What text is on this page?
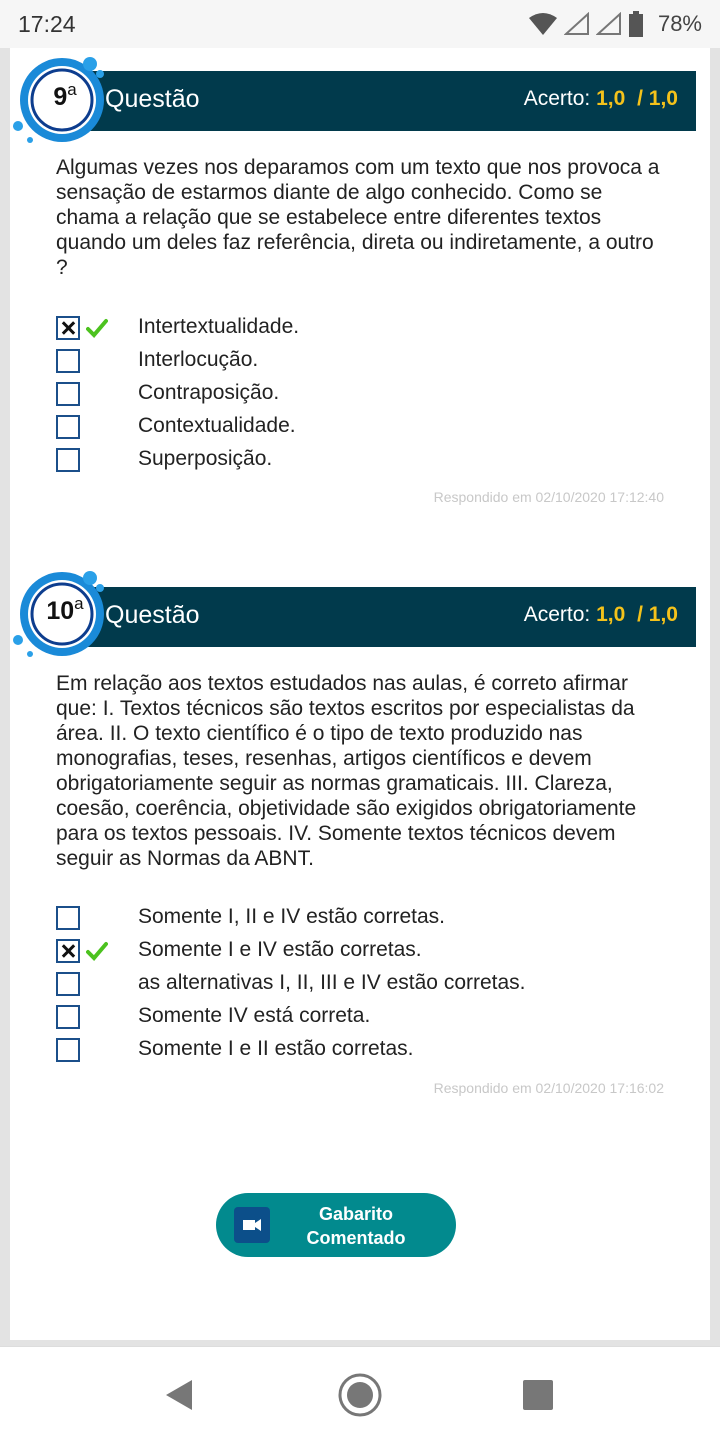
17:24	78%
Questão	Acerto: 1,0 / 1,0
9$^a$

Algumas vezes nos deparamos com um texto que nos provoca a sensação de estarmos diante de algo conhecido. Como se chama a relação que se estabelece entre diferentes textos quando um deles faz referência, direta ou indiretamente, a outro ?

Intertextualidade.
Interlocução.
Contraposição.
Contextualidade.
Superposição.
Respondido em 02/10/2020 17:12:40
Questão	Acerto: 1,0 / 1,0
10$^a$

Em relação aos textos estudados nas aulas, é correto afirmar que: I. Textos técnicos são textos escritos por especialistas da área. II. O texto científico é o tipo de texto produzido nas monografias, teses, resenhas, artigos científicos e devem obrigatoriamente seguir as normas gramaticais. III. Clareza, coesão, coerência, objetividade são exigidos obrigatoriamente para os textos pessoais. IV. Somente textos técnicos devem seguir as Normas da ABNT.

Somente I, II e IV estão corretas.
Somente I e IV estão corretas.
as alternativas I, II, III e IV estão corretas.
Somente IV está correta.
Somente I e II estão corretas.
Respondido em 02/10/2020 17:16:02
Gabarito
Comentado
